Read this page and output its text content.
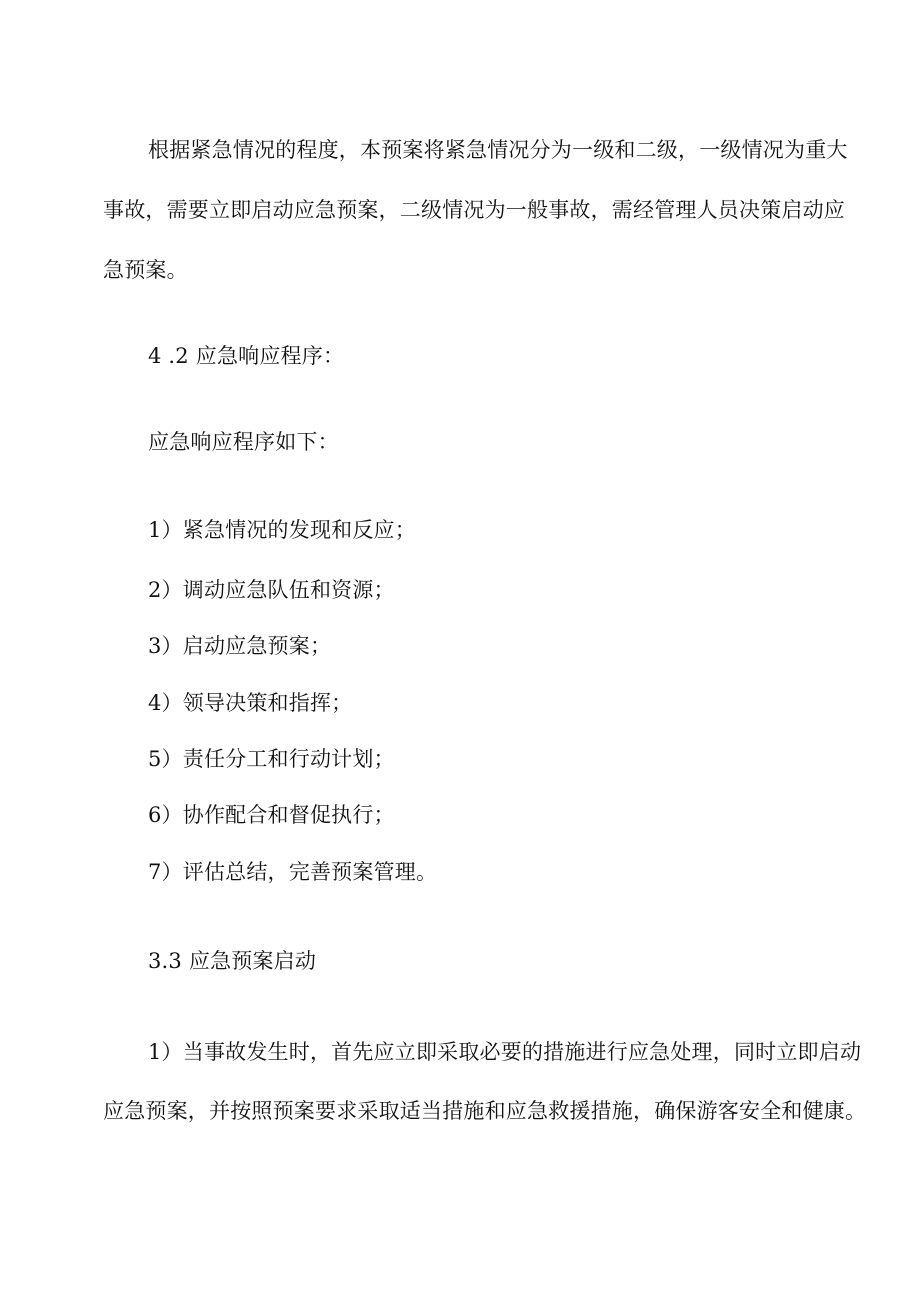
根据紧急情况的程度，本预案将紧急情况分为一级和二级，一级情况为重大
事故，需要立即启动应急预案，二级情况为一般事故，需经管理人员决策启动应
急预案。
4 .2 应急响应程序：
应急响应程序如下：
1）紧急情况的发现和反应；
2）调动应急队伍和资源；
3）启动应急预案；
4）领导决策和指挥；
5）责任分工和行动计划；
6）协作配合和督促执行；
7）评估总结，完善预案管理。
3.3 应急预案启动
1）当事故发生时，首先应立即采取必要的措施进行应急处理，同时立即启动
应急预案，并按照预案要求采取适当措施和应急救援措施，确保游客安全和健康。
